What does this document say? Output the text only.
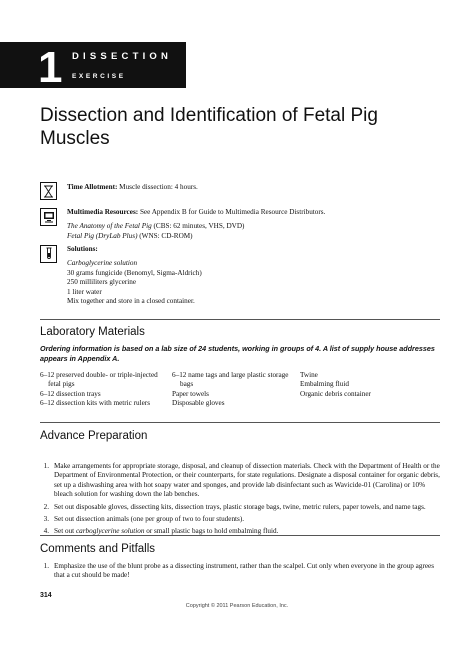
1 DISSECTION
EXERCISE
Dissection and Identification of Fetal Pig Muscles
Time Allotment: Muscle dissection: 4 hours.
Multimedia Resources: See Appendix B for Guide to Multimedia Resource Distributors.
The Anatomy of the Fetal Pig (CBS: 62 minutes, VHS, DVD)
Fetal Pig (DryLab Plus) (WNS: CD-ROM)
Solutions:
Carboglycerine solution
30 grams fungicide (Benomyl, Sigma-Aldrich)
250 milliliters glycerine
1 liter water
Mix together and store in a closed container.
Laboratory Materials
Ordering information is based on a lab size of 24 students, working in groups of 4. A list of supply house addresses appears in Appendix A.
6–12 preserved double- or triple-injected fetal pigs
6–12 dissection trays
6–12 dissection kits with metric rulers
6–12 name tags and large plastic storage bags
Paper towels
Disposable gloves
Twine
Embalming fluid
Organic debris container
Advance Preparation
1. Make arrangements for appropriate storage, disposal, and cleanup of dissection materials. Check with the Department of Health or the Department of Environmental Protection, or their counterparts, for state regulations. Designate a disposal container for organic debris, set up a dishwashing area with hot soapy water and sponges, and provide lab disinfectant such as Wavicide-01 (Carolina) or 10% bleach solution for washing down the lab benches.
2. Set out disposable gloves, dissecting kits, dissection trays, plastic storage bags, twine, metric rulers, paper towels, and name tags.
3. Set out dissection animals (one per group of two to four students).
4. Set out carboglycerine solution or small plastic bags to hold embalming fluid.
Comments and Pitfalls
1. Emphasize the use of the blunt probe as a dissecting instrument, rather than the scalpel. Cut only when everyone in the group agrees that a cut should be made!
314
Copyright © 2011 Pearson Education, Inc.
